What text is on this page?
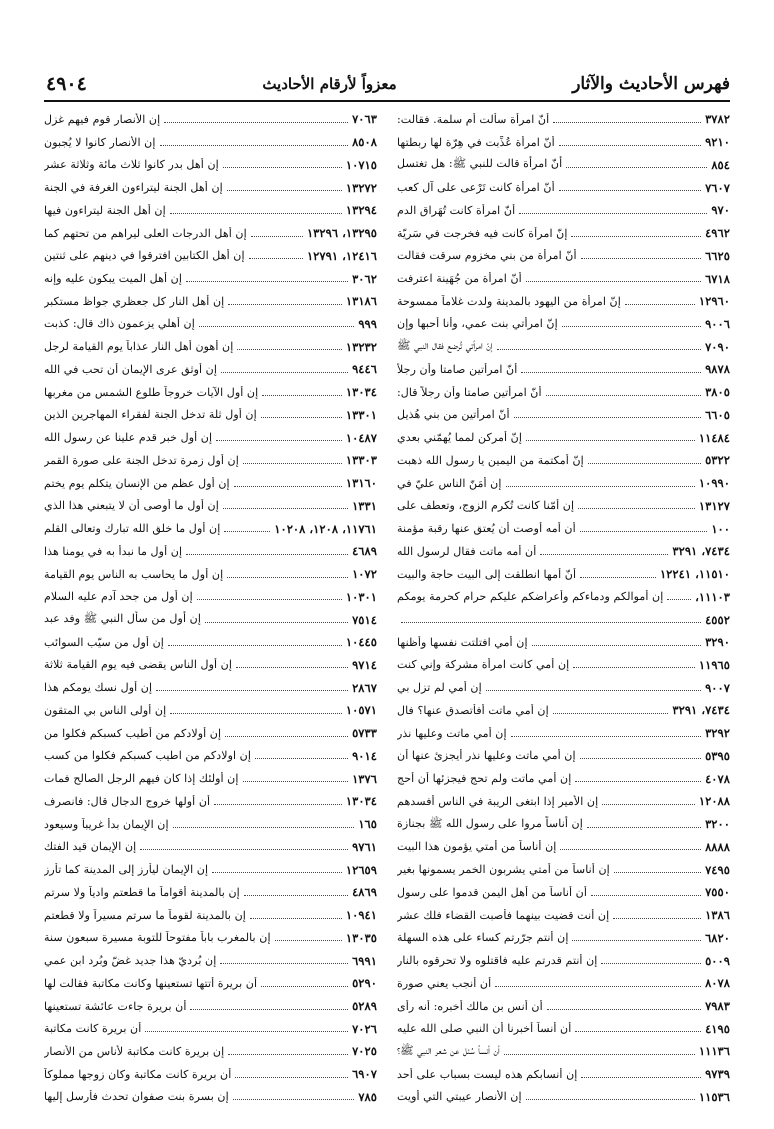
فهرس الأحاديث والآثار
معزواً لأرقام الأحاديث
٤٩٠٤
أنّ امرأة سألت أم سلمة. فقالت:	٣٧٨٢
أنّ امرأة عُذِّبت في هِرّة لها ربطتها	٩٢١٠
أنّ امرأة قالت للنبي ﷺ: هل تغتسل	٨٥٤
أنّ امرأة كانت تَرْعى على آل كعب	٧٦٠٧
أنّ امرأة كانت تُهَراق الدم	٩٧٠
إنّ امرأة كانت فيه فخرجت في سَرِيّة	٤٩٦٢
أنّ امرأة من بني مخزوم سرقت فقالت	٦٦٢٥
أنّ امرأة من جُهَينة اعترفت	٦٧١٨
إنّ امرأة من اليهود بالمدينة ولدت غلاماً ممسوحة	١٢٩٦٠
إنّ امرأتي بنت عمي، وأنا أحبها وإن	٩٠٠٦
إنّ امرأتي تُرضع فقال النبي ﷺ	٧٠٩٠
أنّ امرأتين صامتا وأن رجلاً	٩٨٧٨
أنّ امرأتين صامتا وأن رجلاً قال:	٣٨٠٥
أنّ امرأتين من بني هُذيل	٦٦٠٥
إنّ أمركن لمما يُهمّني بعدي	١١٤٨٤
إنّ أمكتمة من اليمين يا رسول الله ذهبت	٥٣٢٢
إن أمَنّ الناس عليّ في	١٠٩٩٠
إن أمّنا كانت تُكرم الزوج، وتعطف على	١٣١٢٧
أن أمه أوصت أن يُعتق عنها رقبة مؤمنة	١٠٠
أن أمه ماتت فقال لرسول الله	٧٤٣٤، ٣٢٩١
أنّ أمها انطلقت إلى البيت حاجة والبيت	١١٥١٠، ١٢٢٤١
إن أموالكم ودماءكم وأعراضكم عليكم حرام كحرمة يومكم	١١١٠٣،
٤٥٥٢
إن أمي افتلتت نفسها وأظنها	٣٢٩٠
إن أمي كانت امرأة مشركة وإني كنت	١١٩٦٥
إن أمي لم تزل بي	٩٠٠٧
إن أمي ماتت أفأتصدق عنها؟ فال	٧٤٣٤، ٣٢٩١
إن أمي ماتت وعليها نذر	٣٢٩٢
إن أمي ماتت وعليها نذر أيجزئ عنها أن	٥٣٩٥
إن أمي ماتت ولم تحج فيجزئها أن أحج	٤٠٧٨
إن الأمير إذا ابتغى الريبة في الناس أفسدهم	١٢٠٨٨
إن أناساً مروا على رسول الله ﷺ بجنازة	٣٢٠٠
إن أناساً من أمتي يؤمون هذا البيت	٨٨٨٨
إن أناساً من أمتي يشربون الخمر يسمونها بغير	٧٤٩٥
أن أناساً من أهل اليمن قدموا على رسول	٧٥٥٠
إن أنت قضيت بينهما فأصبت القضاء فلك عشر	١٣٨٦
إن أنتم جرّرتم كساء على هذه السهلة	٦٨٢٠
إن أنتم قدرتم عليه فاقتلوه ولا تحرقوه بالنار	٥٠٠٩
أن أنجب يعني صورة	٨٠٧٨
أن أنس بن مالك أخبره: أنه رأى	٧٩٨٣
أن أنساً أخبرنا أن النبي صلى الله عليه	٤١٩٥
أن أنساً سُئل عن شعر النبي ﷺ؟	١١١٣٦
إن أنسابكم هذه ليست بسباب على أحد	٩٧٣٩
إن الأنصار عيبتي التي أويت	١١٥٣٦
إن الأنصار قوم فيهم غزل	٧٠٦٣
إن الأنصار كانوا لا يُجبون	٨٥٠٨
إن أهل بدر كانوا ثلاث مائة وثلاثة عشر	١٠٧١٥
إن أهل الجنة ليتراءون الغرفة في الجنة	١٣٢٧٢
إن أهل الجنة ليتراءون فيها	١٣٢٩٤
إن أهل الدرجات العلى ليراهم من تحتهم كما	١٣٢٩٥، ١٣٢٩٦
إن أهل الكتابين افترقوا في دينهم على ثنتين	١٢٤١٦، ١٢٧٩١
إن أهل الميت يبكون عليه وإنه	٣٠٦٢
إن أهل النار كل جعظري جواظ مستكبر	١٣١٨٦
إن أهلي يزعمون ذاك قال: كذبت	٩٩٩
إن أهون أهل النار عذاباً يوم القيامة لرجل	١٣٢٣٢
إن أوثق عرى الإيمان أن تحب في الله	٩٤٤٦
إن أول الآيات خروجاً طلوع الشمس من مغربها	١٣٠٣٤
إن أول ثلة تدخل الجنة لفقراء المهاجرين الذين	١٣٣٠١
إن أول خبر قدم علينا عن رسول الله	١٠٤٨٧
إن أول زمرة تدخل الجنة على صورة القمر	١٣٣٠٣
إن أول عظم من الإنسان يتكلم يوم يختم	١٣١٦٠
إن أول ما أوصى أن لا يتبعني هذا الذي	١٣٣١
إن أول ما خلق الله تبارك وتعالى القلم	١١٧٦١، ١٢٠٨، ١٠٢٠٨
إن أول ما نبدأ به في يومنا هذا	٤٦٨٩
إن أول ما يحاسب به الناس يوم القيامة	١٠٧٢
إن أول من جحد آدم عليه السلام	١٠٣٠١
إن أول من سأل النبي ﷺ وفد عبد	٧٥١٤
إن أول من سيّب السوائب	١٠٤٤٥
إن أول الناس يقضى فيه يوم القيامة ثلاثة	٩٧١٤
إن أول نسك يومكم هذا	٢٨٦٧
إن أولى الناس بي المتقون	١٠٥٧١
إن أولادكم من أطيب كسبكم فكلوا من	٥٧٣٣
إن اولادكم من اطيب كسبكم فكلوا من كسب	٩٠١٤
إن أولئك إذا كان فيهم الرجل الصالح فمات	١٣٧٦
أن أولها خروج الدجال قال: فانصرف	١٣٠٣٤
إن الإيمان بدأ غريباً وسيعود	١٦٥
إن الإيمان قيد الفتك	٩٧٦١
إن الإيمان ليأرز إلى المدينة كما تأرز	١٢٦٥٩
إن بالمدينة أقواماً ما قطعتم وادياً ولا سرتم	٤٨٦٩
إن بالمدينة لقوماً ما سرتم مسيراً ولا قطعتم	١٠٩٤١
إن بالمغرب باباً مفتوحاً للتوبة مسيرة سبعون سنة	١٣٠٣٥
إن بُرديّ هذا جديد غضّ وبُرد ابن عمي	٦٩٩١
أن بريرة أتتها تستعينها وكانت مكاتبة فقالت لها	٥٢٩٠
أن بريرة جاءت عائشة تستعينها	٥٢٨٩
أن بريرة كانت مكاتبة	٧٠٢٦
إن بريرة كانت مكاتبة لأناس من الأنصار	٧٠٢٥
أن بريرة كانت مكاتبة وكان زوجها مملوكاً	٦٩٠٧
إن بسرة بنت صفوان تحدث فأرسل إليها	٧٨٥
